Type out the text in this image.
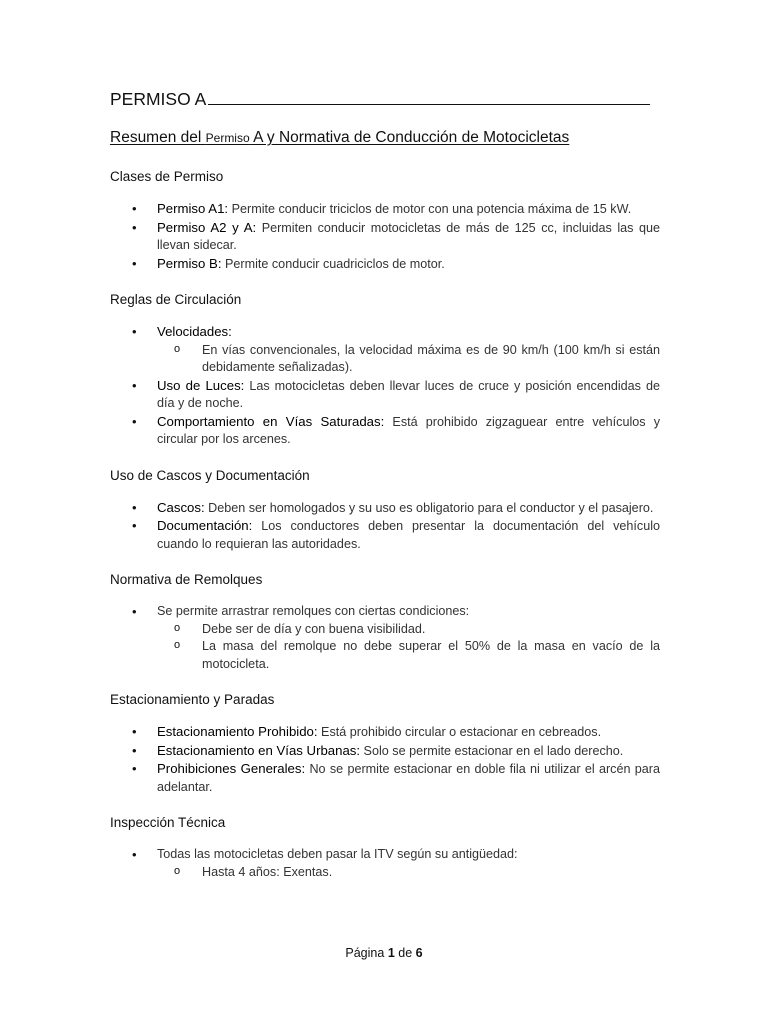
PERMISO A
Resumen del Permiso A y Normativa de Conducción de Motocicletas
Clases de Permiso
• Permiso A1: Permite conducir triciclos de motor con una potencia máxima de 15 kW.
• Permiso A2 y A: Permiten conducir motocicletas de más de 125 cc, incluidas las que llevan sidecar.
• Permiso B: Permite conducir cuadriciclos de motor.
Reglas de Circulación
• Velocidades:
o En vías convencionales, la velocidad máxima es de 90 km/h (100 km/h si están debidamente señalizadas).
• Uso de Luces: Las motocicletas deben llevar luces de cruce y posición encendidas de día y de noche.
• Comportamiento en Vías Saturadas: Está prohibido zigzaguear entre vehículos y circular por los arcenes.
Uso de Cascos y Documentación
• Cascos: Deben ser homologados y su uso es obligatorio para el conductor y el pasajero.
• Documentación: Los conductores deben presentar la documentación del vehículo cuando lo requieran las autoridades.
Normativa de Remolques
• Se permite arrastrar remolques con ciertas condiciones:
o Debe ser de día y con buena visibilidad.
o La masa del remolque no debe superar el 50% de la masa en vacío de la motocicleta.
Estacionamiento y Paradas
• Estacionamiento Prohibido: Está prohibido circular o estacionar en cebreados.
• Estacionamiento en Vías Urbanas: Solo se permite estacionar en el lado derecho.
• Prohibiciones Generales: No se permite estacionar en doble fila ni utilizar el arcén para adelantar.
Inspección Técnica
• Todas las motocicletas deben pasar la ITV según su antigüedad:
o Hasta 4 años: Exentas.
Página 1 de 6
